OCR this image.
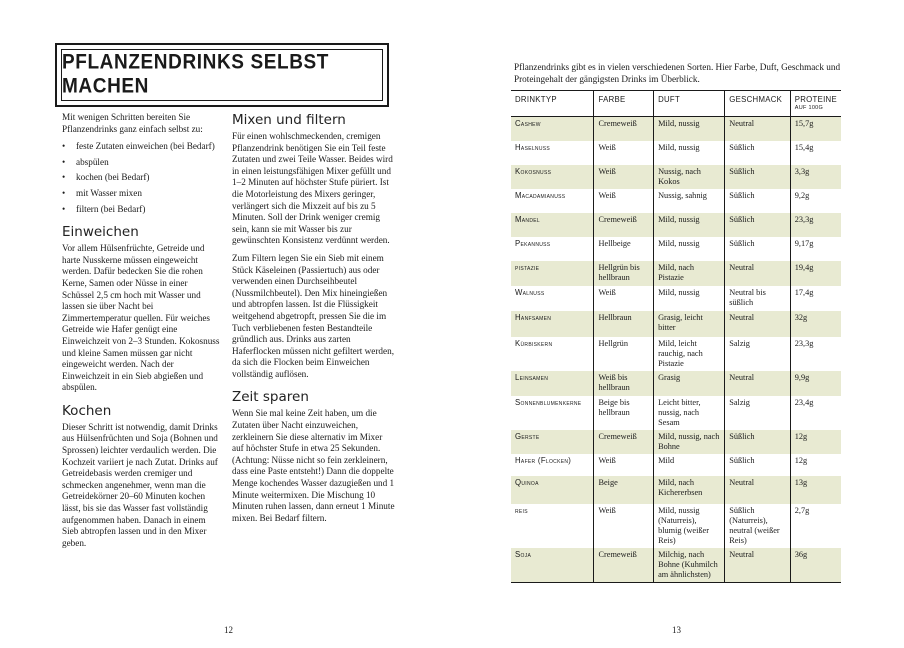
PFLANZENDRINKS SELBST MACHEN

Mit wenigen Schritten bereiten Sie Pflanzendrinks ganz einfach selbst zu:

• feste Zutaten einweichen (bei Bedarf)
• abspülen
• kochen (bei Bedarf)
• mit Wasser mixen
• filtern (bei Bedarf)
Einweichen

Vor allem Hülsenfrüchte, Getreide und harte Nusskerne müssen eingeweicht werden. Dafür bedecken Sie die rohen Kerne, Samen oder Nüsse in einer Schüssel 2,5 cm hoch mit Wasser und lassen sie über Nacht bei Zimmertemperatur quellen. Für weiches Getreide wie Hafer genügt eine Einweichzeit von 2–3 Stunden. Kokosnuss und kleine Samen müssen gar nicht eingeweicht werden. Nach der Einweichzeit in ein Sieb abgießen und abspülen.

Kochen

Dieser Schritt ist notwendig, damit Drinks aus Hülsenfrüchten und Soja (Bohnen und Sprossen) leichter verdaulich werden. Die Kochzeit variiert je nach Zutat. Drinks auf Getreidebasis werden cremiger und schmecken angenehmer, wenn man die Getreidekörner 20–60 Minuten kochen lässt, bis sie das Wasser fast vollständig aufgenommen haben. Danach in einem Sieb abtropfen lassen und in den Mixer geben.

Mixen und filtern

Für einen wohlschmeckenden, cremigen Pflanzendrink benötigen Sie ein Teil feste Zutaten und zwei Teile Wasser. Beides wird in einen leistungsfähigen Mixer gefüllt und 1–2 Minuten auf höchster Stufe püriert. Ist die Motorleistung des Mixers geringer, verlängert sich die Mixzeit auf bis zu 5 Minuten. Soll der Drink weniger cremig sein, kann sie mit Wasser bis zur gewünschten Konsistenz verdünnt werden.

Zum Filtern legen Sie ein Sieb mit einem Stück Käseleinen (Passiertuch) aus oder verwenden einen Durchseihbeutel (Nussmilchbeutel). Den Mix hineingießen und abtropfen lassen. Ist die Flüssigkeit weitgehend abgetropft, pressen Sie die im Tuch verbliebenen festen Bestandteile gründlich aus. Drinks aus zarten Haferflocken müssen nicht gefiltert werden, da sich die Flocken beim Einweichen vollständig auflösen.

Zeit sparen

Wenn Sie mal keine Zeit haben, um die Zutaten über Nacht einzuweichen, zerkleinern Sie diese alternativ im Mixer auf höchster Stufe in etwa 25 Sekunden. (Achtung: Nüsse nicht so fein zerkleinern, dass eine Paste entsteht!) Dann die doppelte Menge kochendes Wasser dazugießen und 1 Minute weitermixen. Die Mischung 10 Minuten ruhen lassen, dann erneut 1 Minute mixen. Bei Bedarf filtern.

12
Pflanzendrinks gibt es in vielen verschiedenen Sorten. Hier Farbe, Duft, Geschmack und Proteingehalt der gängigsten Drinks im Überblick.
DRINKTYP	FARBE	DUFT	GESCHMACK	PROTEINE
AUF 100G

Cashew	Cremeweiß	Mild, nussig	Neutral	15,7g
Haselnuss	Weiß	Mild, nussig	Süßlich	15,4g
Kokosnuss	Weiß	Nussig, nach Kokos	Süßlich	3,3g
Macadamianuss	Weiß	Nussig, sahnig	Süßlich	9,2g
Mandel	Cremeweiß	Mild, nussig	Süßlich	23,3g
Pekannuss	Hellbeige	Mild, nussig	Süßlich	9,17g
pistazie	Hellgrün bis hellbraun	Mild, nach Pistazie	Neutral	19,4g
Walnuss	Weiß	Mild, nussig	Neutral bis süßlich	17,4g
Hanfsamen	Hellbraun	Grasig, leicht bitter	Neutral	32g
Kürbiskern	Hellgrün	Mild, leicht rauchig, nach Pistazie	Salzig	23,3g
Leinsamen	Weiß bis hellbraun	Grasig	Neutral	9,9g
Sonnenblumenkerne	Beige bis hellbraun	Leicht bitter, nussig, nach Sesam	Salzig	23,4g
Gerste	Cremeweiß	Mild, nussig, nach Bohne	Süßlich	12g
Hafer (Flocken)	Weiß	Mild	Süßlich	12g
Quinoa	Beige	Mild, nach Kichererbsen	Neutral	13g
reis	Weiß	Mild, nussig (Naturreis), blumig (weißer Reis)	Süßlich (Naturreis), neutral (weißer Reis)	2,7g
Soja	Cremeweiß	Milchig, nach Bohne (Kuhmilch am ähnlichsten)	Neutral	36g
13
